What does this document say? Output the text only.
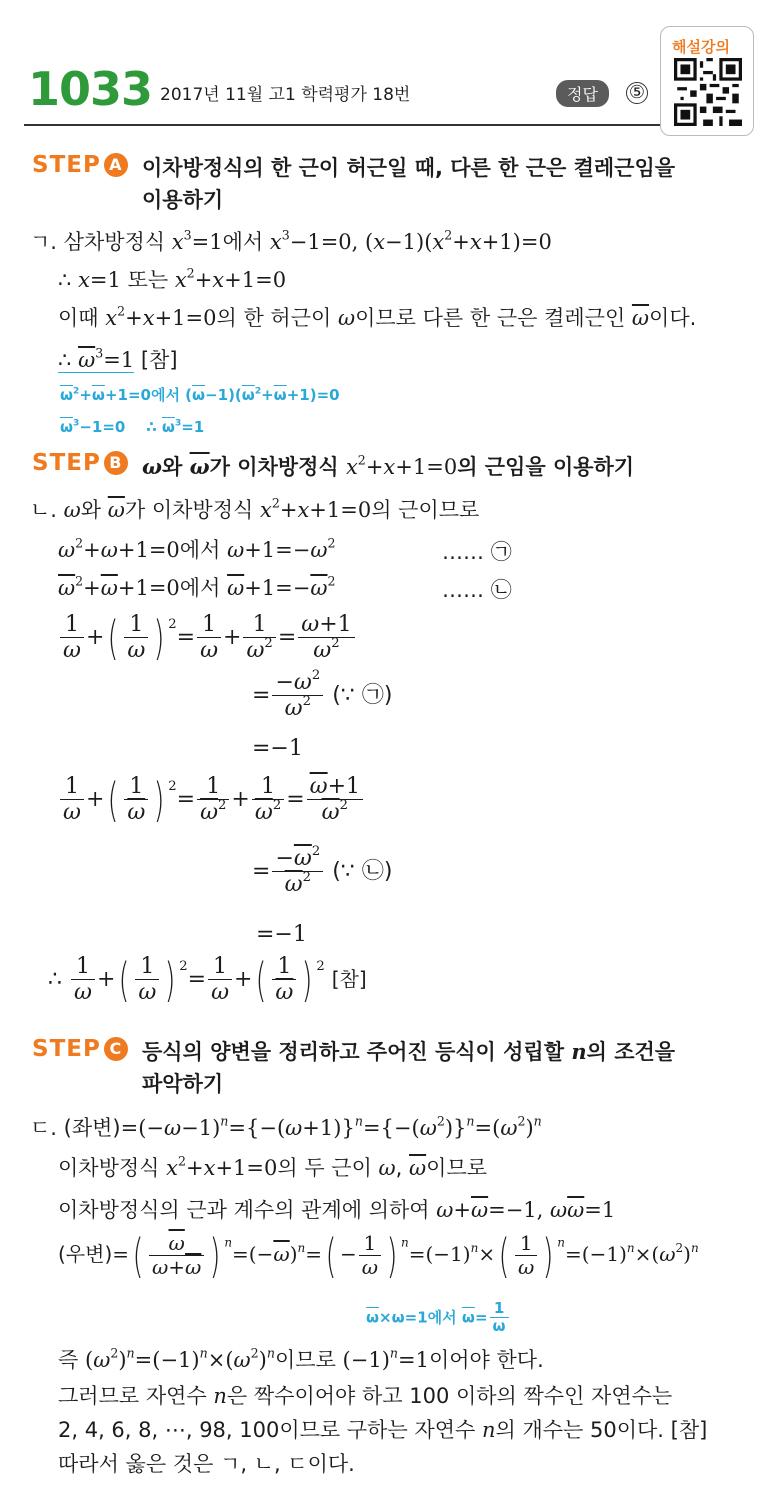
1033 2017년 11월 고1 학력평가 18번	정답	⑤
해설강의
STEP A 이차방정식의 한 근이 허근일 때, 다른 한 근은 켤레근임을
이용하기
ㄱ. 삼차방정식 $x^3=1$에서 $x^3-1=0$, $(x-1)(x^2+x+1)=0$
∴ x=1 또는 $x^2+x+1=0$
이때 $x^2+x+1=0$의 한 허근이 ω이므로 다른 한 근은 켤레근인 $\overline{\omega}$이다.
∴ $\overline{\omega}^3=1$ [참]
$\overline{\omega}^2+\overline{\omega}+1=0$에서 $(\overline{\omega}-1)(\overline{\omega}^2+\overline{\omega}+1)=0$
$\overline{\omega}^3-1=0$    ∴ $\overline{\omega}^3=1$
STEP B ω와 $\overline{\omega}$가 이차방정식 $x^2+x+1=0$의 근임을 이용하기
ㄴ. ω와 $\overline{\omega}$가 이차방정식 $x^2+x+1=0$의 근이므로
$\omega^2+\omega+1=0$에서 $\omega+1=-\omega^2$	…… ㉠
$\overline{\omega}^2+\overline{\omega}+1=0$에서 $\overline{\omega}+1=-\overline{\omega}^2$	…… ㉡
$\frac{1}{\omega}$ +( $\frac{1}{\omega}$ ) $^2= \frac{1}{\omega} + \frac{1}{\omega^2} = \frac{\omega+1}{\omega^2}$
= $\frac{-\omega^2}{\omega^2}$ (∵ ㉠)
=−1
$\frac{1}{\omega}$ +( $\frac{1}{\omega}$ ) $^2= \frac{1}{\overline{\omega}^2} + \frac{1}{\overline{\omega}^2} = \frac{\overline{\omega}+1}{\overline{\omega}^2}$
= $\frac{-\overline{\omega}^2}{\overline{\omega}^2}$ (∵ ㉡)
=−1
∴ $\frac{1}{\omega}$ +( $\frac{1}{\omega}$ ) $^2= \frac{1}{\omega}$ +( $\frac{1}{\omega}$ ) $^2$ [참]
STEP C 등식의 양변을 정리하고 주어진 등식이 성립할 n의 조건을
파악하기
ㄷ. (좌변)$=(-\omega-1)^n=\{-(\omega+1)\}^n=\{-(\omega^2)\}^n=(\omega^2)^n$
이차방정식 $x^2+x+1=0$의 두 근이 ω, $\overline{\omega}$이므로
이차방정식의 근과 계수의 관계에 의하여 $\omega+\overline{\omega}=-1$, $\omega\overline{\omega}=1$
(우변)=( $\frac{\overline{\omega}}{\omega+\overline{\omega}}$ ) $^n=(-\overline{\omega})^n=( - \frac{1}{\omega}$ ) $^n=(-1)^n\times( \frac{1}{\omega}$ ) $^n=(-1)^n\times(\omega^2)^n$
$\overline{\omega}\times\omega=1$에서 $\overline{\omega}= \frac{1}{\omega}$
즉 $(\omega^2)^n=(-1)^n\times(\omega^2)^n$이므로 $(-1)^n=1$이어야 한다.
그러므로 자연수 n은 짝수이어야 하고 100 이하의 짝수인 자연수는
2, 4, 6, 8, ⋯, 98, 100이므로 구하는 자연수 n의 개수는 50이다. [참]
따라서 옳은 것은 ㄱ, ㄴ, ㄷ이다.
